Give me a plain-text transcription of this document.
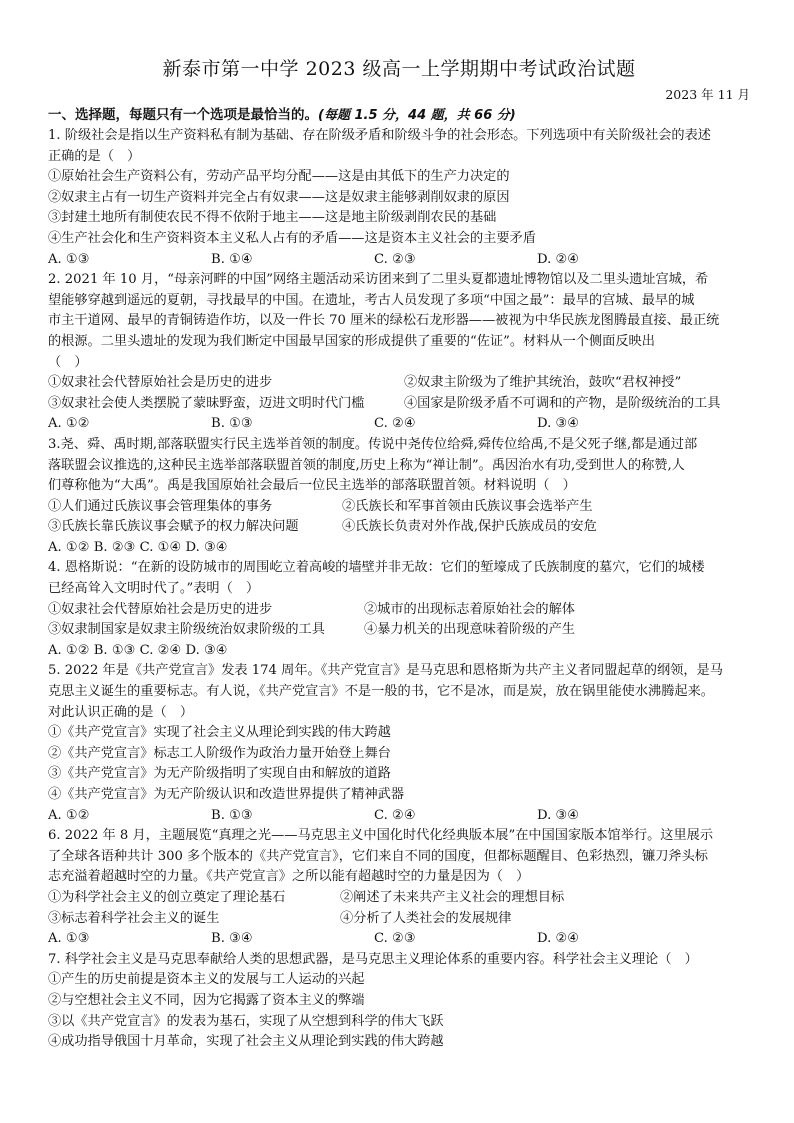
新泰市第一中学 2023 级高一上学期期中考试政治试题
2023 年 11 月
一、选择题，每题只有一个选项是最恰当的。(每题 1.5 分，44 题，共 66 分)
1. 阶级社会是指以生产资料私有制为基础、存在阶级矛盾和阶级斗争的社会形态。下列选项中有关阶级社会的表述
正确的是（　）
①原始社会生产资料公有，劳动产品平均分配——这是由其低下的生产力决定的
②奴隶主占有一切生产资料并完全占有奴隶——这是奴隶主能够剥削奴隶的原因
③封建土地所有制使农民不得不依附于地主——这是地主阶级剥削农民的基础
④生产社会化和生产资料资本主义私人占有的矛盾——这是资本主义社会的主要矛盾
A. ①③	B. ①④	C. ②③	D. ②④
2. 2021 年 10 月，“母亲河畔的中国”网络主题活动采访团来到了二里头夏都遗址博物馆以及二里头遗址宫城，希
望能够穿越到遥远的夏朝，寻找最早的中国。在遗址，考古人员发现了多项“中国之最”：最早的宫城、最早的城
市主干道网、最早的青铜铸造作坊，以及一件长 70 厘米的绿松石龙形器——被视为中华民族龙图腾最直接、最正统
的根源。二里头遗址的发现为我们断定中国最早国家的形成提供了重要的“佐证”。材料从一个侧面反映出
（　）
①奴隶社会代替原始社会是历史的进步	②奴隶主阶级为了维护其统治，鼓吹“君权神授”
③奴隶社会使人类摆脱了蒙昧野蛮，迈进文明时代门槛	④国家是阶级矛盾不可调和的产物，是阶级统治的工具
A. ①②	B. ①③	C. ②④	D. ③④
3.尧、舜、禹时期,部落联盟实行民主选举首领的制度。传说中尧传位给舜,舜传位给禹,不是父死子继,都是通过部
落联盟会议推选的,这种民主选举部落联盟首领的制度,历史上称为“禅让制”。禹因治水有功,受到世人的称赞,人
们尊称他为“大禹”。禹是我国原始社会最后一位民主选举的部落联盟首领。材料说明（　）
①人们通过氏族议事会管理集体的事务	②氏族长和军事首领由氏族议事会选举产生
③氏族长靠氏族议事会赋予的权力解决问题	④氏族长负责对外作战,保护氏族成员的安危
A. ①② B. ②③ C. ①④ D. ③④
4. 恩格斯说：“在新的设防城市的周围屹立着高峻的墙壁并非无故：它们的堑壕成了氏族制度的墓穴，它们的城楼
已经高耸入文明时代了。”表明（　）
①奴隶社会代替原始社会是历史的进步	②城市的出现标志着原始社会的解体
③奴隶制国家是奴隶主阶级统治奴隶阶级的工具	④暴力机关的出现意味着阶级的产生
A. ①② B. ①③ C. ②④ D. ③④
5. 2022 年是《共产党宣言》发表 174 周年。《共产党宣言》是马克思和恩格斯为共产主义者同盟起草的纲领，是马
克思主义诞生的重要标志。有人说，《共产党宣言》不是一般的书，它不是冰，而是炭，放在锅里能使水沸腾起来。
对此认识正确的是（　）
①《共产党宣言》实现了社会主义从理论到实践的伟大跨越
②《共产党宣言》标志工人阶级作为政治力量开始登上舞台
③《共产党宣言》为无产阶级指明了实现自由和解放的道路
④《共产党宣言》为无产阶级认识和改造世界提供了精神武器
A. ①②	B. ①③	C. ②④	D. ③④
6. 2022 年 8 月，主题展览“真理之光——马克思主义中国化时代化经典版本展”在中国国家版本馆举行。这里展示
了全球各语种共计 300 多个版本的《共产党宣言》，它们来自不同的国度，但都标题醒目、色彩热烈，镰刀斧头标
志充溢着超越时空的力量。《共产党宣言》之所以能有超越时空的力量是因为（　）
①为科学社会主义的创立奠定了理论基石	②阐述了未来共产主义社会的理想目标
③标志着科学社会主义的诞生	④分析了人类社会的发展规律
A. ①③	B. ③④	C. ②③	D. ②④
7. 科学社会主义是马克思奉献给人类的思想武器，是马克思主义理论体系的重要内容。科学社会主义理论（　）
①产生的历史前提是资本主义的发展与工人运动的兴起
②与空想社会主义不同，因为它揭露了资本主义的弊端
③以《共产党宣言》的发表为基石，实现了从空想到科学的伟大飞跃
④成功指导俄国十月革命，实现了社会主义从理论到实践的伟大跨越
